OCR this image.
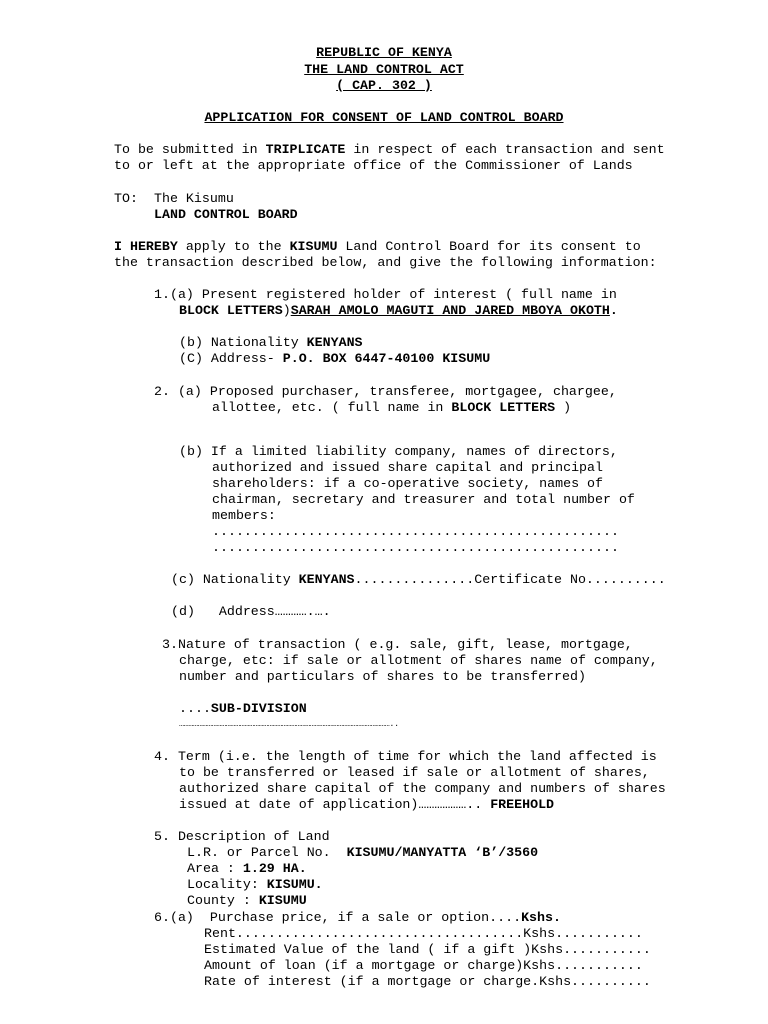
REPUBLIC OF KENYA
THE LAND CONTROL ACT
( CAP. 302 )
APPLICATION FOR CONSENT OF LAND CONTROL BOARD
To be submitted in TRIPLICATE in respect of each transaction and sent
to or left at the appropriate office of the Commissioner of Lands
TO: The Kisumu
LAND CONTROL BOARD
I HEREBY apply to the KISUMU Land Control Board for its consent to
the transaction described below, and give the following information:
1.(a) Present registered holder of interest ( full name in
BLOCK LETTERS)SARAH AMOLO MAGUTI AND JARED MBOYA OKOTH.
(b) Nationality KENYANS
(C) Address- P.O. BOX 6447-40100 KISUMU
2. (a) Proposed purchaser, transferee, mortgagee, chargee,
allottee, etc. ( full name in BLOCK LETTERS )
(b) If a limited liability company, names of directors,
authorized and issued share capital and principal
shareholders: if a co-operative society, names of
chairman, secretary and treasurer and total number of
members:
...................................................
...................................................
(c) Nationality KENYANS...............Certificate No..........
(d)   Address………….….
3.Nature of transaction ( e.g. sale, gift, lease, mortgage,
charge, etc: if sale or allotment of shares name of company,
number and particulars of shares to be transferred)
....SUB-DIVISION
………………………………………………………………………………………………………………………..
4. Term (i.e. the length of time for which the land affected is
to be transferred or leased if sale or allotment of shares,
authorized share capital of the company and numbers of shares
issued at date of application)……………….. FREEHOLD
5. Description of Land
L.R. or Parcel No.  KISUMU/MANYATTA ‘B’/3560
Area : 1.29 HA.
Locality: KISUMU.
County : KISUMU
6.(a)  Purchase price, if a sale or option....Kshs.
Rent....................................Kshs...........
Estimated Value of the land ( if a gift )Kshs...........
Amount of loan (if a mortgage or charge)Kshs...........
Rate of interest (if a mortgage or charge.Kshs..........
